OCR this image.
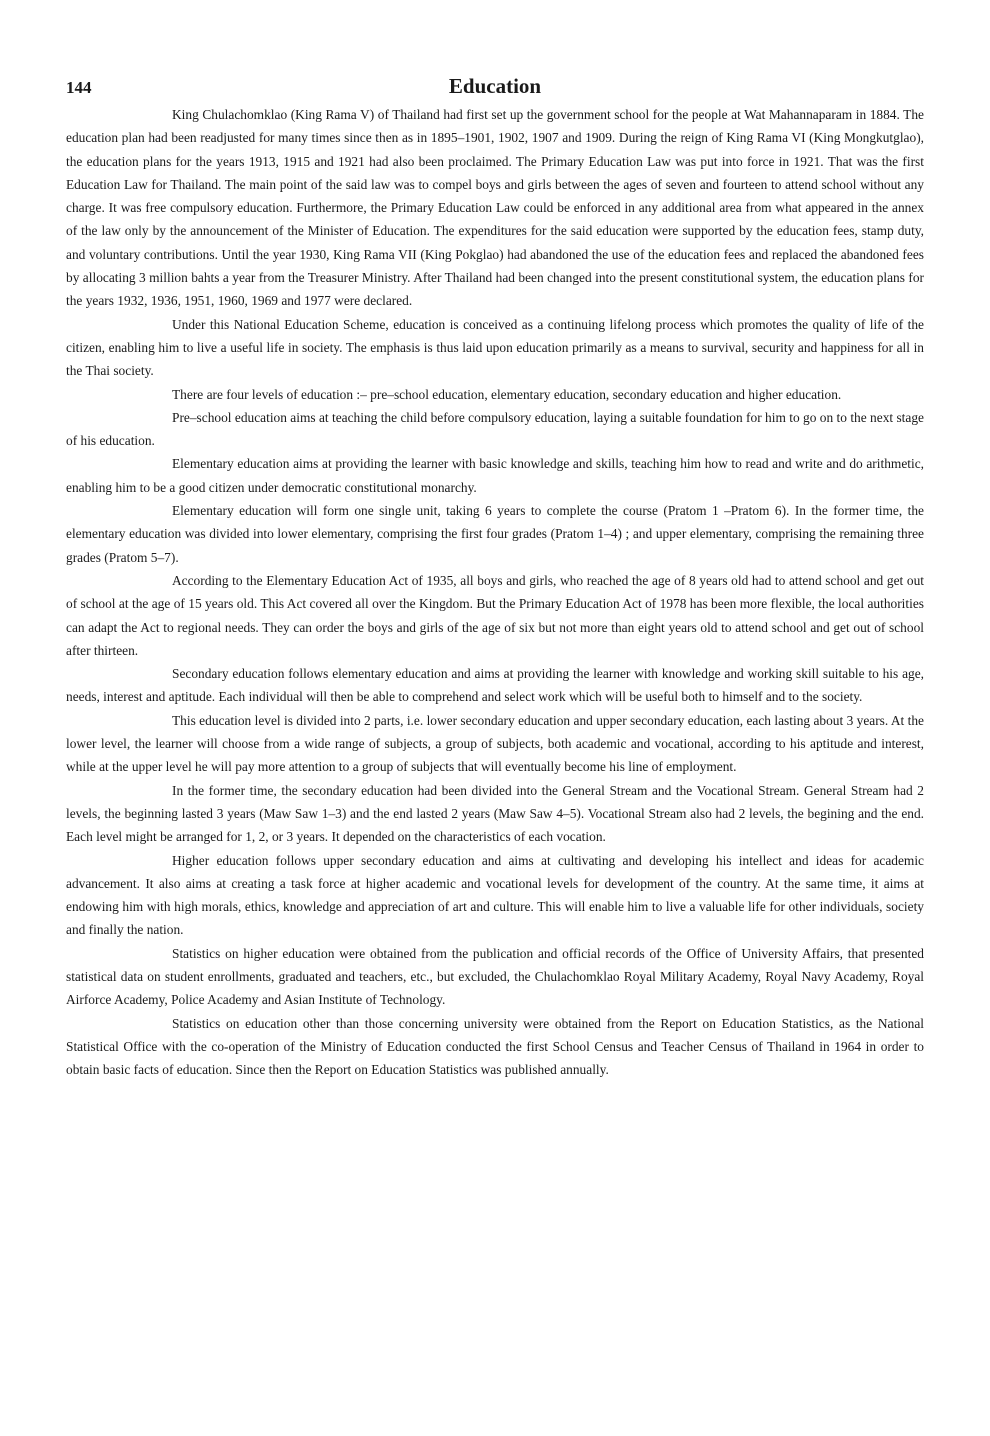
144	Education

King Chulachomklao (King Rama V) of Thailand had first set up the government school for the people at Wat Mahannaparam in 1884. The education plan had been readjusted for many times since then as in 1895–1901, 1902, 1907 and 1909. During the reign of King Rama VI (King Mongkutglao), the education plans for the years 1913, 1915 and 1921 had also been proclaimed. The Primary Education Law was put into force in 1921. That was the first Education Law for Thailand. The main point of the said law was to compel boys and girls between the ages of seven and fourteen to attend school without any charge. It was free compulsory education. Furthermore, the Primary Education Law could be enforced in any additional area from what appeared in the annex of the law only by the announcement of the Minister of Education. The expenditures for the said education were supported by the education fees, stamp duty, and voluntary contributions. Until the year 1930, King Rama VII (King Pokglao) had abandoned the use of the education fees and replaced the abandoned fees by allocating 3 million bahts a year from the Treasurer Ministry. After Thailand had been changed into the present constitutional system, the education plans for the years 1932, 1936, 1951, 1960, 1969 and 1977 were declared.

Under this National Education Scheme, education is conceived as a continuing lifelong process which promotes the quality of life of the citizen, enabling him to live a useful life in society. The emphasis is thus laid upon education primarily as a means to survival, security and happiness for all in the Thai society.

There are four levels of education :– pre–school education, elementary education, secondary education and higher education.

Pre–school education aims at teaching the child before compulsory education, laying a suitable foundation for him to go on to the next stage of his education.

Elementary education aims at providing the learner with basic knowledge and skills, teaching him how to read and write and do arithmetic, enabling him to be a good citizen under democratic constitutional monarchy.

Elementary education will form one single unit, taking 6 years to complete the course (Pratom 1 –Pratom 6). In the former time, the elementary education was divided into lower elementary, comprising the first four grades (Pratom 1–4) ; and upper elementary, comprising the remaining three grades (Pratom 5–7).

According to the Elementary Education Act of 1935, all boys and girls, who reached the age of 8 years old had to attend school and get out of school at the age of 15 years old. This Act covered all over the Kingdom. But the Primary Education Act of 1978 has been more flexible, the local authorities can adapt the Act to regional needs. They can order the boys and girls of the age of six but not more than eight years old to attend school and get out of school after thirteen.

Secondary education follows elementary education and aims at providing the learner with knowledge and working skill suitable to his age, needs, interest and aptitude. Each individual will then be able to comprehend and select work which will be useful both to himself and to the society.

This education level is divided into 2 parts, i.e. lower secondary education and upper secondary education, each lasting about 3 years. At the lower level, the learner will choose from a wide range of subjects, a group of subjects, both academic and vocational, according to his aptitude and interest, while at the upper level he will pay more attention to a group of subjects that will eventually become his line of employment.

In the former time, the secondary education had been divided into the General Stream and the Vocational Stream. General Stream had 2 levels, the beginning lasted 3 years (Maw Saw 1–3) and the end lasted 2 years (Maw Saw 4–5). Vocational Stream also had 2 levels, the begining and the end. Each level might be arranged for 1, 2, or 3 years. It depended on the characteristics of each vocation.

Higher education follows upper secondary education and aims at cultivating and developing his intellect and ideas for academic advancement. It also aims at creating a task force at higher academic and vocational levels for development of the country. At the same time, it aims at endowing him with high morals, ethics, knowledge and appreciation of art and culture. This will enable him to live a valuable life for other individuals, society and finally the nation.

Statistics on higher education were obtained from the publication and official records of the Office of University Affairs, that presented statistical data on student enrollments, graduated and teachers, etc., but excluded, the Chulachomklao Royal Military Academy, Royal Navy Academy, Royal Airforce Academy, Police Academy and Asian Institute of Technology.

Statistics on education other than those concerning university were obtained from the Report on Education Statistics, as the National Statistical Office with the co-operation of the Ministry of Education conducted the first School Census and Teacher Census of Thailand in 1964 in order to obtain basic facts of education. Since then the Report on Education Statistics was published annually.
